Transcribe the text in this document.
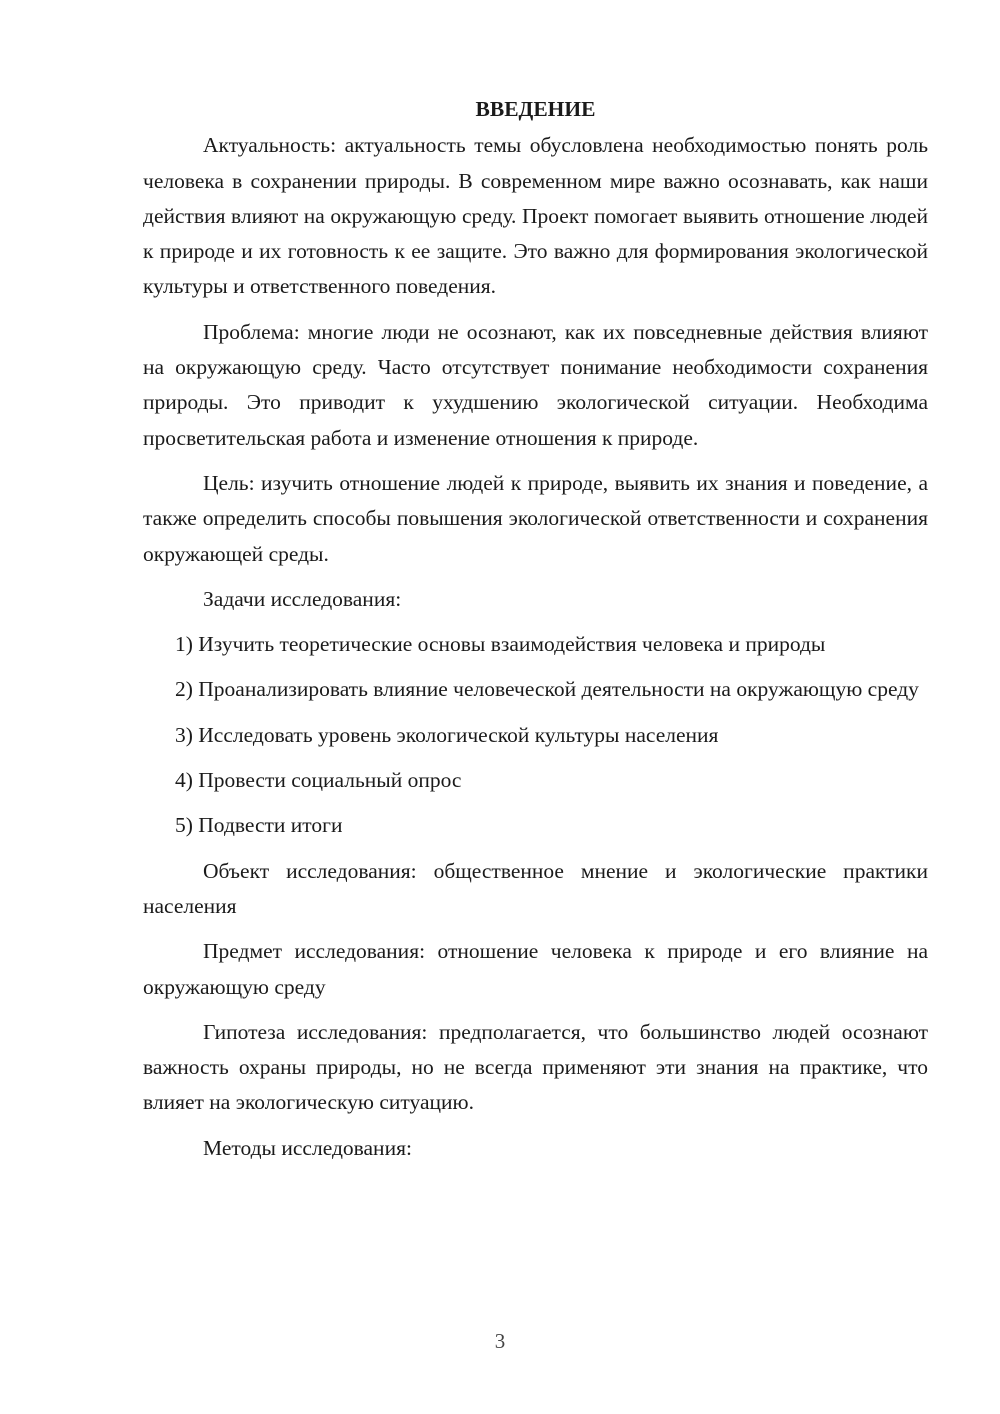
ВВЕДЕНИЕ

Актуальность: актуальность темы обусловлена необходимостью понять роль человека в сохранении природы. В современном мире важно осознавать, как наши действия влияют на окружающую среду. Проект помогает выявить отношение людей к природе и их готовность к ее защите. Это важно для формирования экологической культуры и ответственного поведения.

Проблема: многие люди не осознают, как их повседневные действия влияют на окружающую среду. Часто отсутствует понимание необходимости сохранения природы. Это приводит к ухудшению экологической ситуации. Необходима просветительская работа и изменение отношения к природе.

Цель: изучить отношение людей к природе, выявить их знания и поведение, а также определить способы повышения экологической ответственности и сохранения окружающей среды.

Задачи исследования:

1) Изучить теоретические основы взаимодействия человека и природы
2) Проанализировать влияние человеческой деятельности на окружающую среду
3) Исследовать уровень экологической культуры населения
4) Провести социальный опрос
5) Подвести итоги

Объект исследования: общественное мнение и экологические практики населения

Предмет исследования: отношение человека к природе и его влияние на окружающую среду

Гипотеза исследования: предполагается, что большинство людей осознают важность охраны природы, но не всегда применяют эти знания на практике, что влияет на экологическую ситуацию.

Методы исследования:

3
